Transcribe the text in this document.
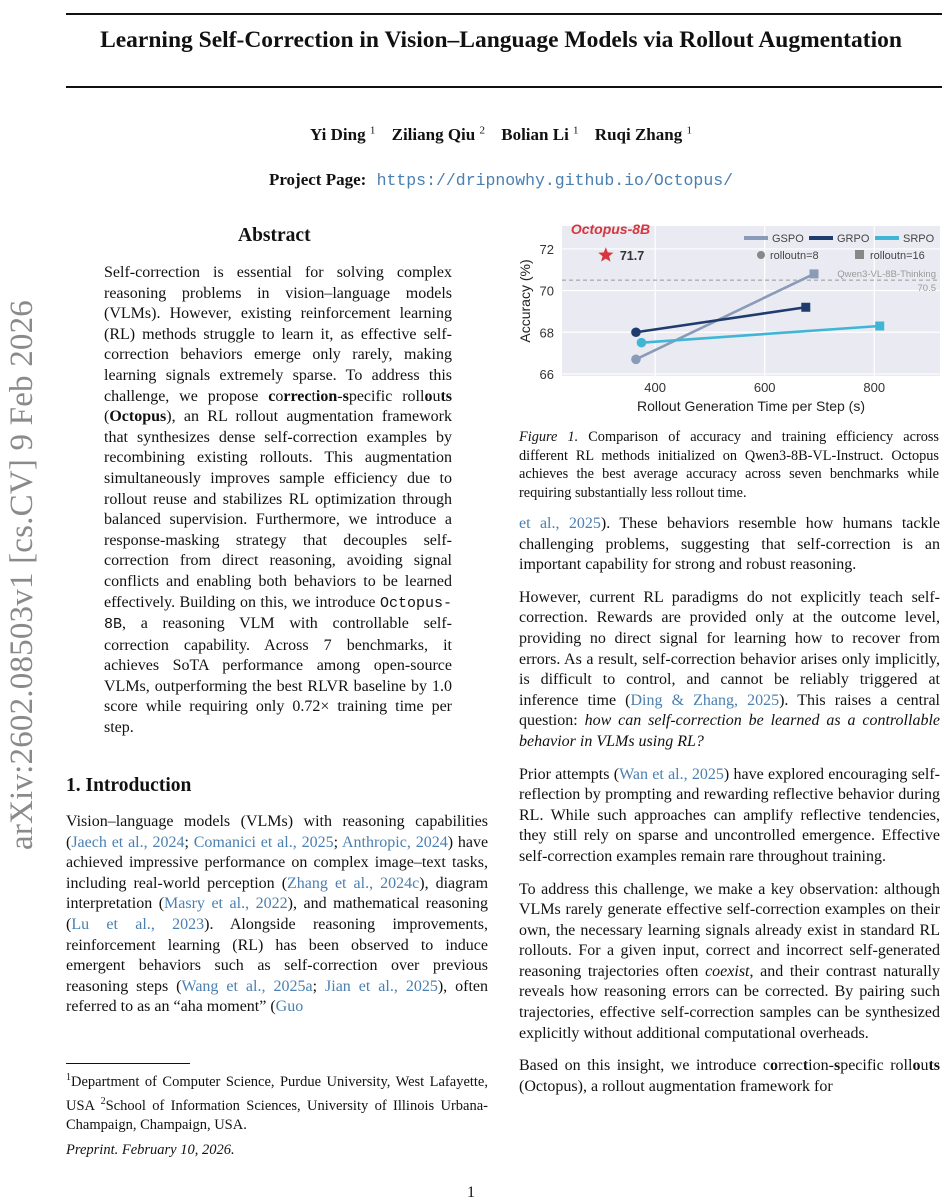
Learning Self-Correction in Vision–Language Models via Rollout Augmentation
Yi Ding $^1$ Ziliang Qiu $^2$ Bolian Li $^1$ Ruqi Zhang $^1$
Project Page: https://dripnowhy.github.io/Octopus/
arXiv:2602.08503v1 [cs.CV] 9 Feb 2026
Abstract
Self-correction is essential for solving complex reasoning problems in vision–language models (VLMs). However, existing reinforcement learning (RL) methods struggle to learn it, as effective self-correction behaviors emerge only rarely, making learning signals extremely sparse. To address this challenge, we propose correction-specific rollouts (Octopus), an RL rollout augmentation framework that synthesizes dense self-correction examples by recombining existing rollouts. This augmentation simultaneously improves sample efficiency due to rollout reuse and stabilizes RL optimization through balanced supervision. Furthermore, we introduce a response-masking strategy that decouples self-correction from direct reasoning, avoiding signal conflicts and enabling both behaviors to be learned effectively. Building on this, we introduce Octopus-8B, a reasoning VLM with controllable self-correction capability. Across 7 benchmarks, it achieves SoTA performance among open-source VLMs, outperforming the best RLVR baseline by 1.0 score while requiring only 0.72× training time per step.
1. Introduction
Vision–language models (VLMs) with reasoning capabilities (Jaech et al., 2024; Comanici et al., 2025; Anthropic, 2024) have achieved impressive performance on complex image–text tasks, including real-world perception (Zhang et al., 2024c), diagram interpretation (Masry et al., 2022), and mathematical reasoning (Lu et al., 2023). Alongside reasoning improvements, reinforcement learning (RL) has been observed to induce emergent behaviors such as self-correction over previous reasoning steps (Wang et al., 2025a; Jian et al., 2025), often referred to as an “aha moment” (Guo
$^1$Department of Computer Science, Purdue University, West Lafayette, USA $^2$School of Information Sciences, University of Illinois Urbana-Champaign, Champaign, USA.
Preprint. February 10, 2026.
1
Qwen3-VL-8B-Thinking
70.5
71.7
Octopus-8B
GSPO	GRPO	SRPO
rolloutn=8	rolloutn=16
66
68
70
72
400	600	800
Rollout Generation Time per Step (s)
Accuracy (%)
Figure 1. Comparison of accuracy and training efficiency across different RL methods initialized on Qwen3-8B-VL-Instruct. Octopus achieves the best average accuracy across seven benchmarks while requiring substantially less rollout time.

et al., 2025). These behaviors resemble how humans tackle challenging problems, suggesting that self-correction is an important capability for strong and robust reasoning.

However, current RL paradigms do not explicitly teach self-correction. Rewards are provided only at the outcome level, providing no direct signal for learning how to recover from errors. As a result, self-correction behavior arises only implicitly, is difficult to control, and cannot be reliably triggered at inference time (Ding & Zhang, 2025). This raises a central question: how can self-correction be learned as a controllable behavior in VLMs using RL?

Prior attempts (Wan et al., 2025) have explored encouraging self-reflection by prompting and rewarding reflective behavior during RL. While such approaches can amplify reflective tendencies, they still rely on sparse and uncontrolled emergence. Effective self-correction examples remain rare throughout training.

To address this challenge, we make a key observation: although VLMs rarely generate effective self-correction examples on their own, the necessary learning signals already exist in standard RL rollouts. For a given input, correct and incorrect self-generated reasoning trajectories often coexist, and their contrast naturally reveals how reasoning errors can be corrected. By pairing such trajectories, effective self-correction samples can be synthesized explicitly without additional computational overheads.

Based on this insight, we introduce correction-specific rollouts (Octopus), a rollout augmentation framework for
